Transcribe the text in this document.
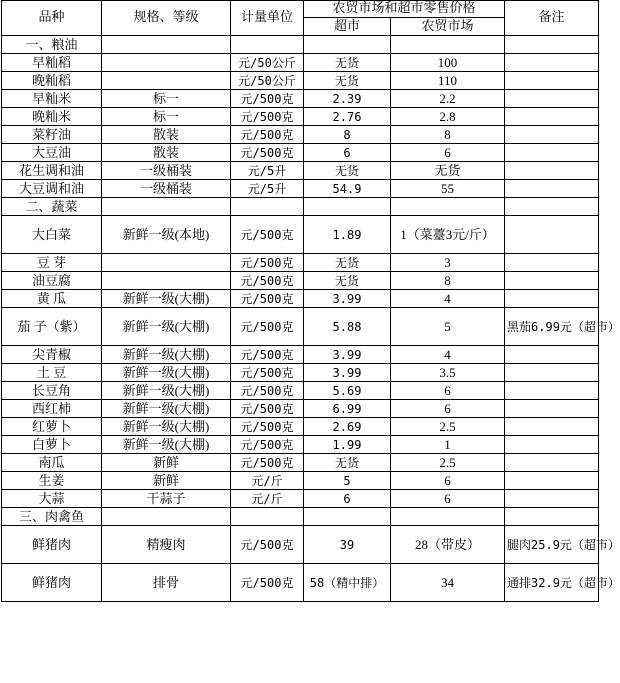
品种	规格、等级	计量单位	农贸市场和超市零售价格		备注
			超市	农贸市场	
一、粮油					
早籼稻		元/50公斤	无货	100	
晚籼稻		元/50公斤	无货	110	
早籼米	标一	元/500克	2.39	2.2	
晚籼米	标一	元/500克	2.76	2.8	
菜籽油	散装	元/500克	8	8	
大豆油	散装	元/500克	6	6	
花生调和油	一级桶装	元/5升	无货	无货	
大豆调和油	一级桶装	元/5升	54.9	55	
二、蔬菜					
大白菜	新鲜一级(本地)	元/500克	1.89	1（菜薹3元/斤）	
豆 芽		元/500克	无货	3	
油豆腐		元/500克	无货	8	
黄 瓜	新鲜一级(大棚)	元/500克	3.99	4	
茄 子（紫）	新鲜一级(大棚)	元/500克	5.88	5	黑茄6.99元（超市）
尖青椒	新鲜一级(大棚)	元/500克	3.99	4	
土 豆	新鲜一级(大棚)	元/500克	3.99	3.5	
长豆角	新鲜一级(大棚)	元/500克	5.69	6	
西红柿	新鲜一级(大棚)	元/500克	6.99	6	
红萝卜	新鲜一级(大棚)	元/500克	2.69	2.5	
白萝卜	新鲜一级(大棚)	元/500克	1.99	1	
南瓜	新鲜	元/500克	无货	2.5	
生姜	新鲜	元/斤	5	6	
大蒜	干蒜子	元/斤	6	6	
三、肉禽鱼					
鲜猪肉	精瘦肉	元/500克	39	28（带皮）	腿肉25.9元（超市）
鲜猪肉	排骨	元/500克	58（精中排）	34	通排32.9元（超市）
